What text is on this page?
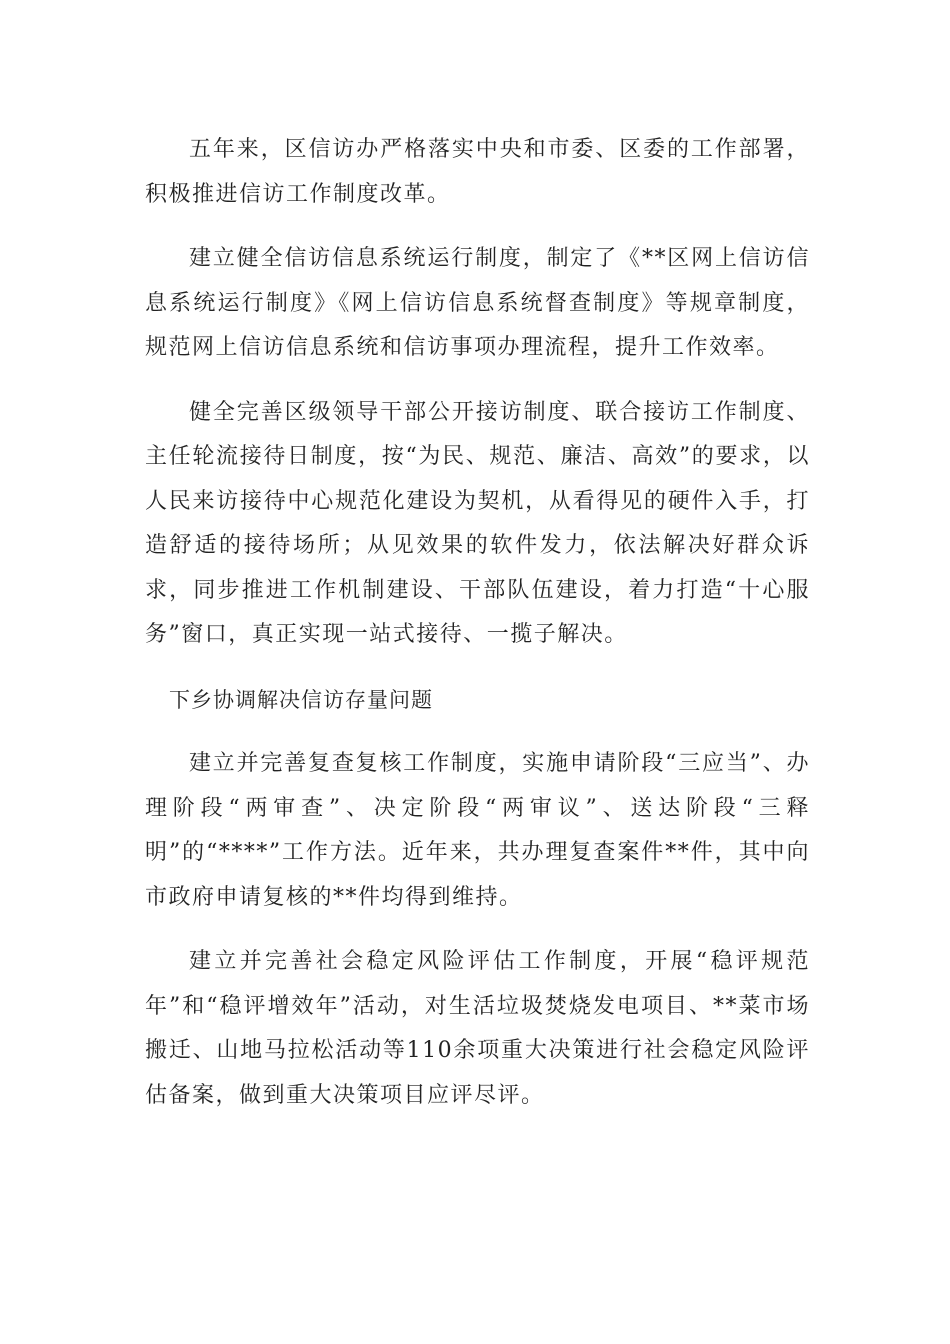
五年来，区信访办严格落实中央和市委、区委的工作部署，积极推进信访工作制度改革。

建立健全信访信息系统运行制度，制定了《**区网上信访信息系统运行制度》《网上信访信息系统督查制度》等规章制度，规范网上信访信息系统和信访事项办理流程，提升工作效率。

健全完善区级领导干部公开接访制度、联合接访工作制度、主任轮流接待日制度，按“为民、规范、廉洁、高效”的要求，以人民来访接待中心规范化建设为契机，从看得见的硬件入手，打造舒适的接待场所；从见效果的软件发力，依法解决好群众诉求，同步推进工作机制建设、干部队伍建设，着力打造“十心服务”窗口，真正实现一站式接待、一揽子解决。

下乡协调解决信访存量问题

建立并完善复查复核工作制度，实施申请阶段“三应当”、办理阶段“两审查”、决定阶段“两审议”、送达阶段“三释明”的“****”工作方法。近年来，共办理复查案件**件，其中向市政府申请复核的**件均得到维持。

建立并完善社会稳定风险评估工作制度，开展“稳评规范年”和“稳评增效年”活动，对生活垃圾焚烧发电项目、**菜市场搬迁、山地马拉松活动等110余项重大决策进行社会稳定风险评估备案，做到重大决策项目应评尽评。
